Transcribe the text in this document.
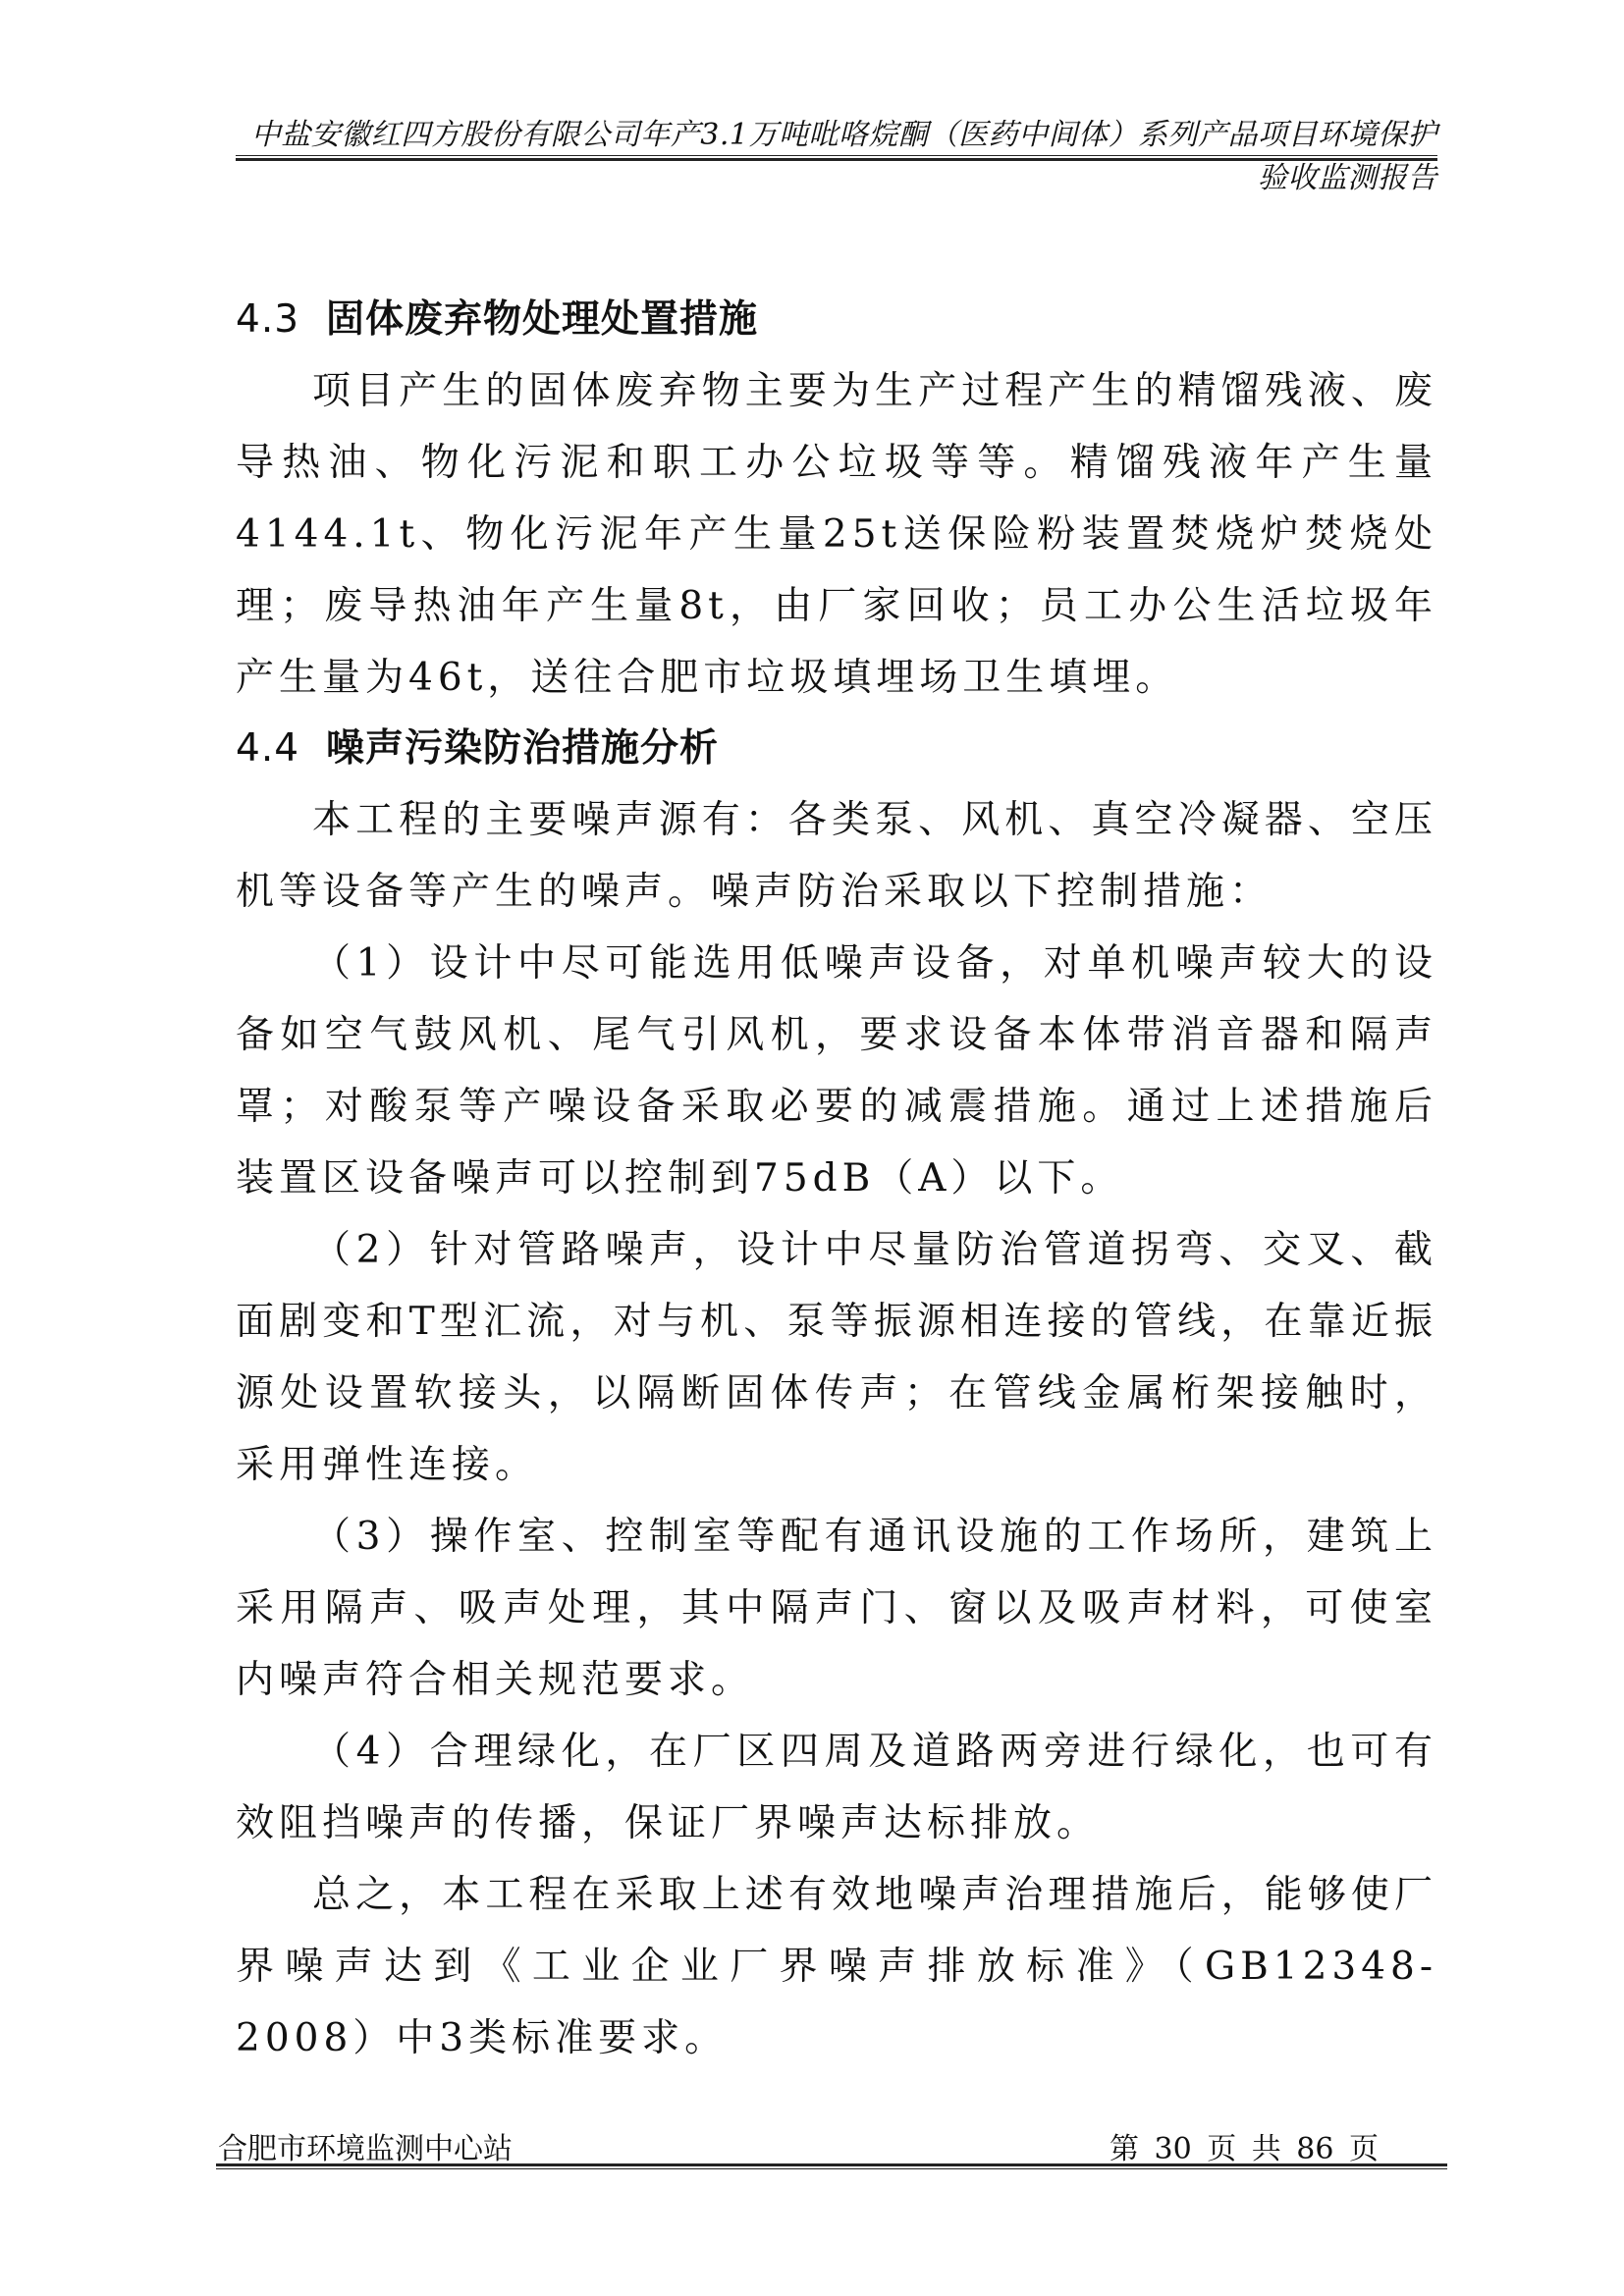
中盐安徽红四方股份有限公司年产3.1万吨吡咯烷酮（医药中间体）系列产品项目环境保护验收监测报告
4.3 固体废弃物处理处置措施

项目产生的固体废弃物主要为生产过程产生的精馏残液、废导热油、物化污泥和职工办公垃圾等等。精馏残液年产生量4144.1t、物化污泥年产生量25t送保险粉装置焚烧炉焚烧处理；废导热油年产生量8t，由厂家回收；员工办公生活垃圾年产生量为46t，送往合肥市垃圾填埋场卫生填埋。

4.4 噪声污染防治措施分析

本工程的主要噪声源有：各类泵、风机、真空冷凝器、空压机等设备等产生的噪声。噪声防治采取以下控制措施：

（1）设计中尽可能选用低噪声设备，对单机噪声较大的设备如空气鼓风机、尾气引风机，要求设备本体带消音器和隔声罩；对酸泵等产噪设备采取必要的减震措施。通过上述措施后装置区设备噪声可以控制到75dB（A）以下。

（2）针对管路噪声，设计中尽量防治管道拐弯、交叉、截面剧变和T型汇流，对与机、泵等振源相连接的管线，在靠近振源处设置软接头，以隔断固体传声；在管线金属桁架接触时，采用弹性连接。

（3）操作室、控制室等配有通讯设施的工作场所，建筑上采用隔声、吸声处理，其中隔声门、窗以及吸声材料，可使室内噪声符合相关规范要求。

（4）合理绿化，在厂区四周及道路两旁进行绿化，也可有效阻挡噪声的传播，保证厂界噪声达标排放。

总之，本工程在采取上述有效地噪声治理措施后，能够使厂界噪声达到《工业企业厂界噪声排放标准》（GB12348-2008）中3类标准要求。

合肥市环境监测中心站	第 30 页 共 86 页
